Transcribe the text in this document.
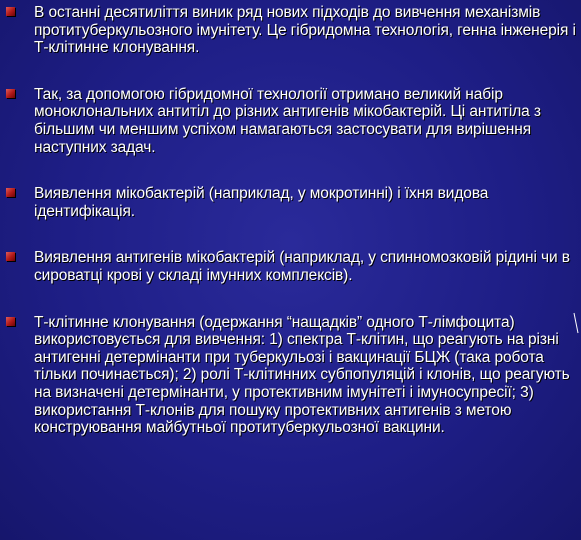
В останні десятиліття виник ряд нових підходів до вивчення механізмів протитуберкульозного імунітету. Це гібридомна технологія, генна інженерія і Т-клітинне клонування.
Так, за допомогою гібридомної технології отримано великий набір моноклональних антитіл до різних антигенів мікобактерій. Ці антитіла з більшим чи меншим успіхом намагаються застосувати для вирішення наступних задач.
Виявлення мікобактерій (наприклад, у мокротинні) і їхня видова ідентифікація.
Виявлення антигенів мікобактерій (наприклад, у спинномозковій рідині чи в сироватці крові у складі імунних комплексів).
Т-клітинне клонування (одержання “нащадків” одного Т-лімфоцита) використовується для вивчення: 1) спектра Т-клітин, що реагують на різні антигенні детермінанти при туберкульозі і вакцинації БЦЖ (така робота тільки починається); 2) ролі Т-клітинних субпопуляцій і клонів, що реагують на визначені детермінанти, у протективним імунітеті і імуносупресії; 3) використання Т-клонів для пошуку протективних антигенів з метою конструювання майбутньої протитуберкульозної вакцини.
